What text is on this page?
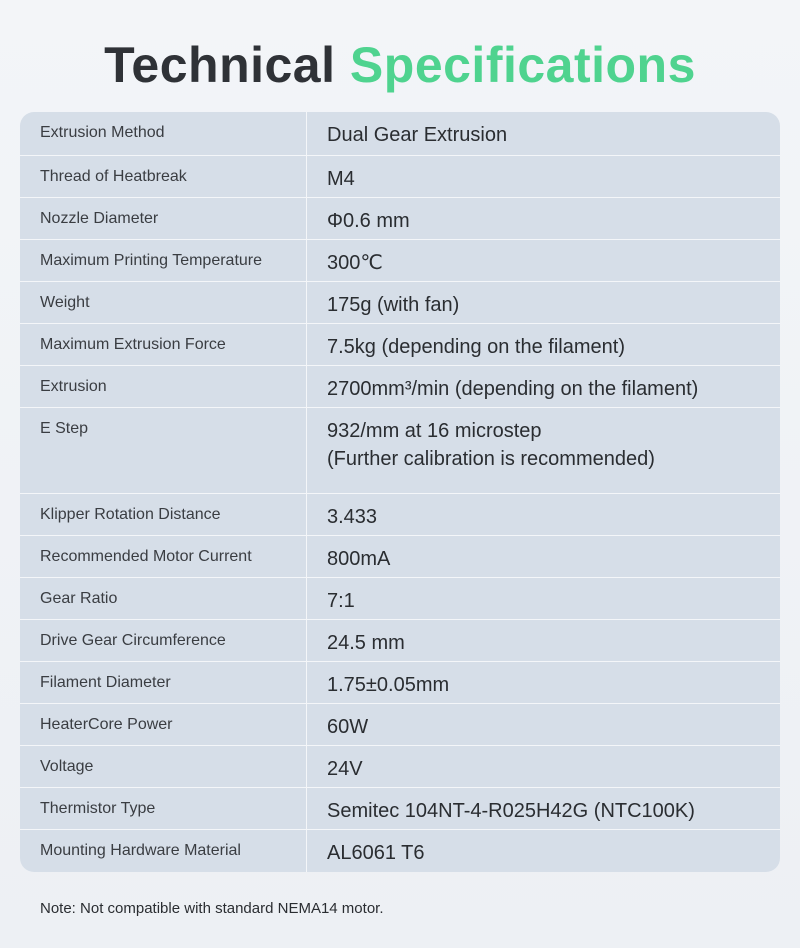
Technical Specifications
Extrusion Method	Dual Gear Extrusion
Thread of Heatbreak	M4
Nozzle Diameter	Φ0.6 mm
Maximum Printing Temperature	300℃
Weight	175g (with fan)
Maximum Extrusion Force	7.5kg (depending on the filament)
Extrusion	2700mm³/min (depending on the filament)
E Step	932/mm at 16 microstep
(Further calibration is recommended)
Klipper Rotation Distance	3.433
Recommended Motor Current	800mA
Gear Ratio	7:1
Drive Gear Circumference	24.5 mm
Filament Diameter	1.75±0.05mm
HeaterCore Power	60W
Voltage	24V
Thermistor Type	Semitec 104NT-4-R025H42G (NTC100K)
Mounting Hardware Material	AL6061 T6
Note: Not compatible with standard NEMA14 motor.
